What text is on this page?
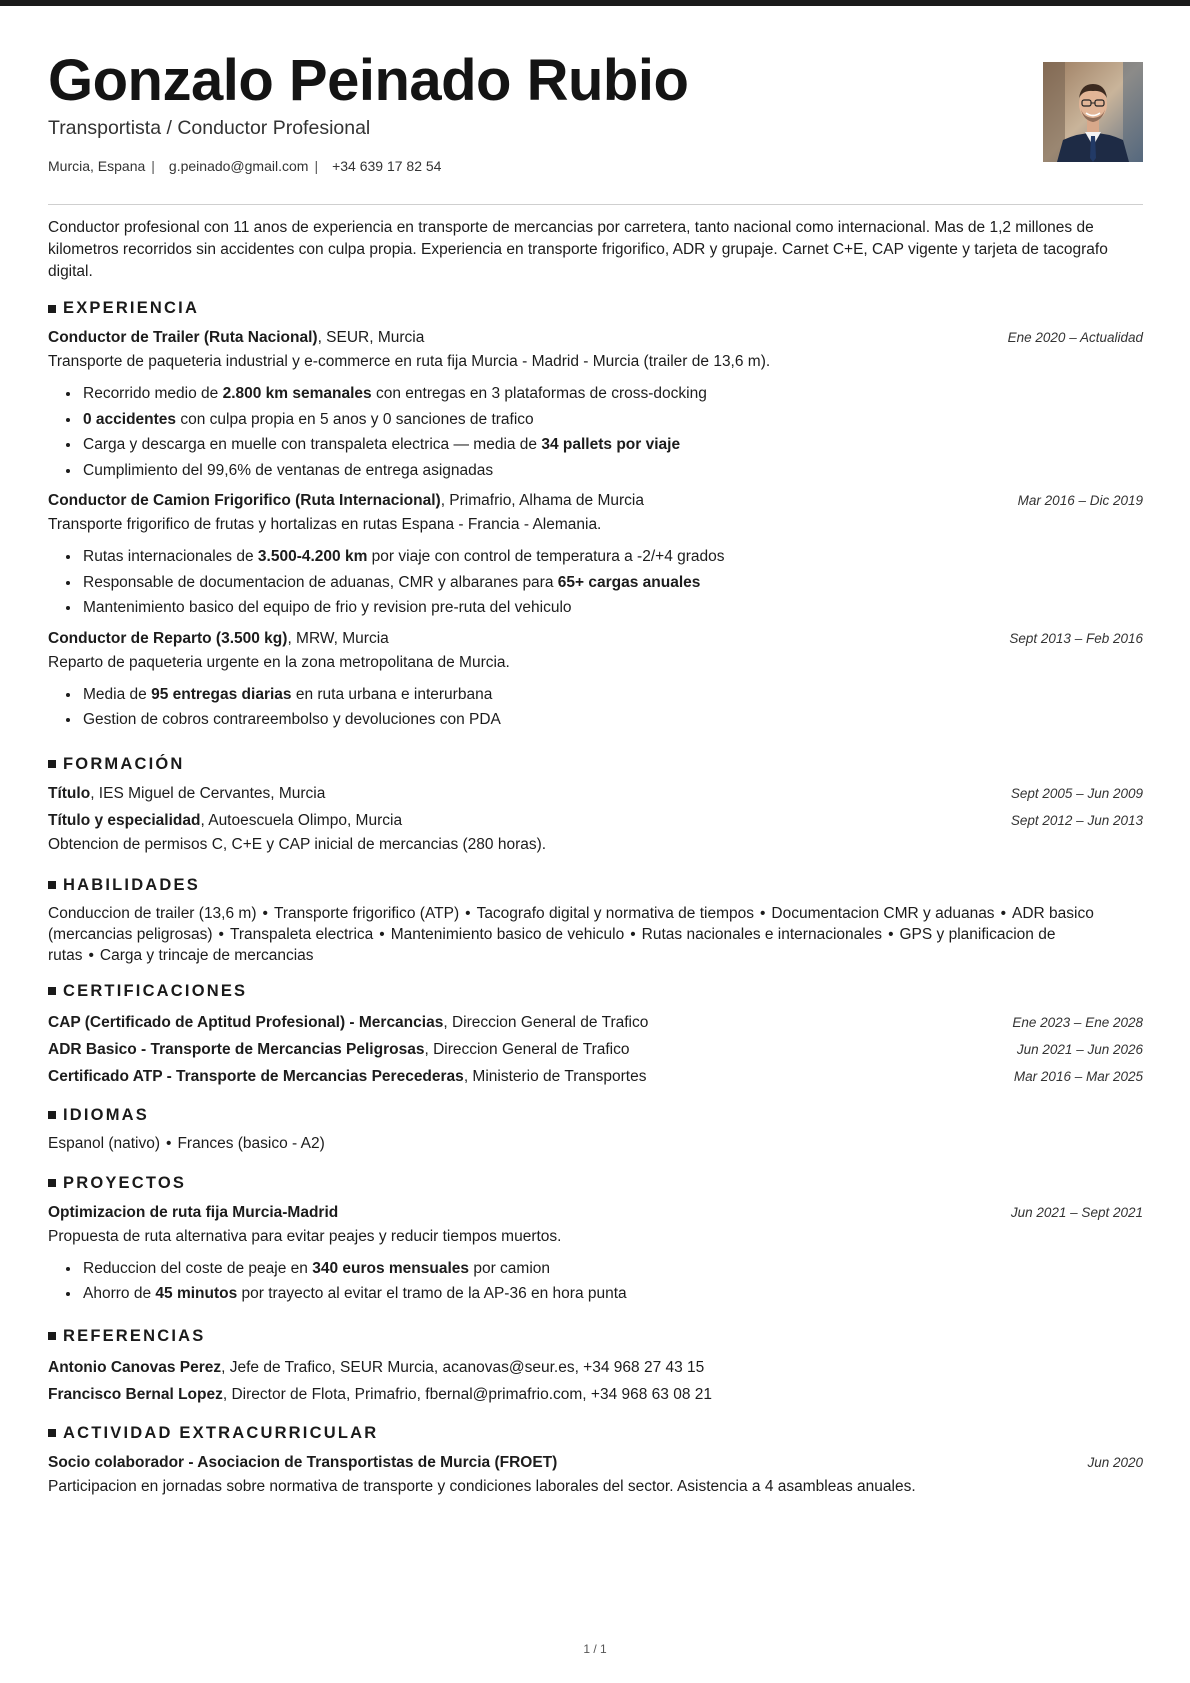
Gonzalo Peinado Rubio
Transportista / Conductor Profesional
Murcia, Espana | g.peinado@gmail.com | +34 639 17 82 54
Conductor profesional con 11 anos de experiencia en transporte de mercancias por carretera, tanto nacional como internacional. Mas de 1,2 millones de kilometros recorridos sin accidentes con culpa propia. Experiencia en transporte frigorifico, ADR y grupaje. Carnet C+E, CAP vigente y tarjeta de tacografo digital.
EXPERIENCIA
Conductor de Trailer (Ruta Nacional), SEUR, Murcia	Ene 2020 – Actualidad
Transporte de paqueteria industrial y e-commerce en ruta fija Murcia - Madrid - Murcia (trailer de 13,6 m).
• Recorrido medio de 2.800 km semanales con entregas en 3 plataformas de cross-docking
• 0 accidentes con culpa propia en 5 anos y 0 sanciones de trafico
• Carga y descarga en muelle con transpaleta electrica — media de 34 pallets por viaje
• Cumplimiento del 99,6% de ventanas de entrega asignadas
Conductor de Camion Frigorifico (Ruta Internacional), Primafrio, Alhama de Murcia	Mar 2016 – Dic 2019
Transporte frigorifico de frutas y hortalizas en rutas Espana - Francia - Alemania.
• Rutas internacionales de 3.500-4.200 km por viaje con control de temperatura a -2/+4 grados
• Responsable de documentacion de aduanas, CMR y albaranes para 65+ cargas anuales
• Mantenimiento basico del equipo de frio y revision pre-ruta del vehiculo
Conductor de Reparto (3.500 kg), MRW, Murcia	Sept 2013 – Feb 2016
Reparto de paqueteria urgente en la zona metropolitana de Murcia.
• Media de 95 entregas diarias en ruta urbana e interurbana
• Gestion de cobros contrareembolso y devoluciones con PDA
FORMACIÓN
Título, IES Miguel de Cervantes, Murcia	Sept 2005 – Jun 2009
Título y especialidad, Autoescuela Olimpo, Murcia	Sept 2012 – Jun 2013
Obtencion de permisos C, C+E y CAP inicial de mercancias (280 horas).
HABILIDADES
Conduccion de trailer (13,6 m) • Transporte frigorifico (ATP) • Tacografo digital y normativa de tiempos • Documentacion CMR y aduanas • ADR basico (mercancias peligrosas) • Transpaleta electrica • Mantenimiento basico de vehiculo • Rutas nacionales e internacionales • GPS y planificacion de rutas • Carga y trincaje de mercancias
CERTIFICACIONES
CAP (Certificado de Aptitud Profesional) - Mercancias, Direccion General de Trafico	Ene 2023 – Ene 2028
ADR Basico - Transporte de Mercancias Peligrosas, Direccion General de Trafico	Jun 2021 – Jun 2026
Certificado ATP - Transporte de Mercancias Perecederas, Ministerio de Transportes	Mar 2016 – Mar 2025
IDIOMAS
Espanol (nativo) • Frances (basico - A2)
PROYECTOS
Optimizacion de ruta fija Murcia-Madrid	Jun 2021 – Sept 2021
Propuesta de ruta alternativa para evitar peajes y reducir tiempos muertos.
• Reduccion del coste de peaje en 340 euros mensuales por camion
• Ahorro de 45 minutos por trayecto al evitar el tramo de la AP-36 en hora punta
REFERENCIAS
Antonio Canovas Perez, Jefe de Trafico, SEUR Murcia, acanovas@seur.es, +34 968 27 43 15
Francisco Bernal Lopez, Director de Flota, Primafrio, fbernal@primafrio.com, +34 968 63 08 21
ACTIVIDAD EXTRACURRICULAR
Socio colaborador - Asociacion de Transportistas de Murcia (FROET)	Jun 2020
Participacion en jornadas sobre normativa de transporte y condiciones laborales del sector. Asistencia a 4 asambleas anuales.
1 / 1
